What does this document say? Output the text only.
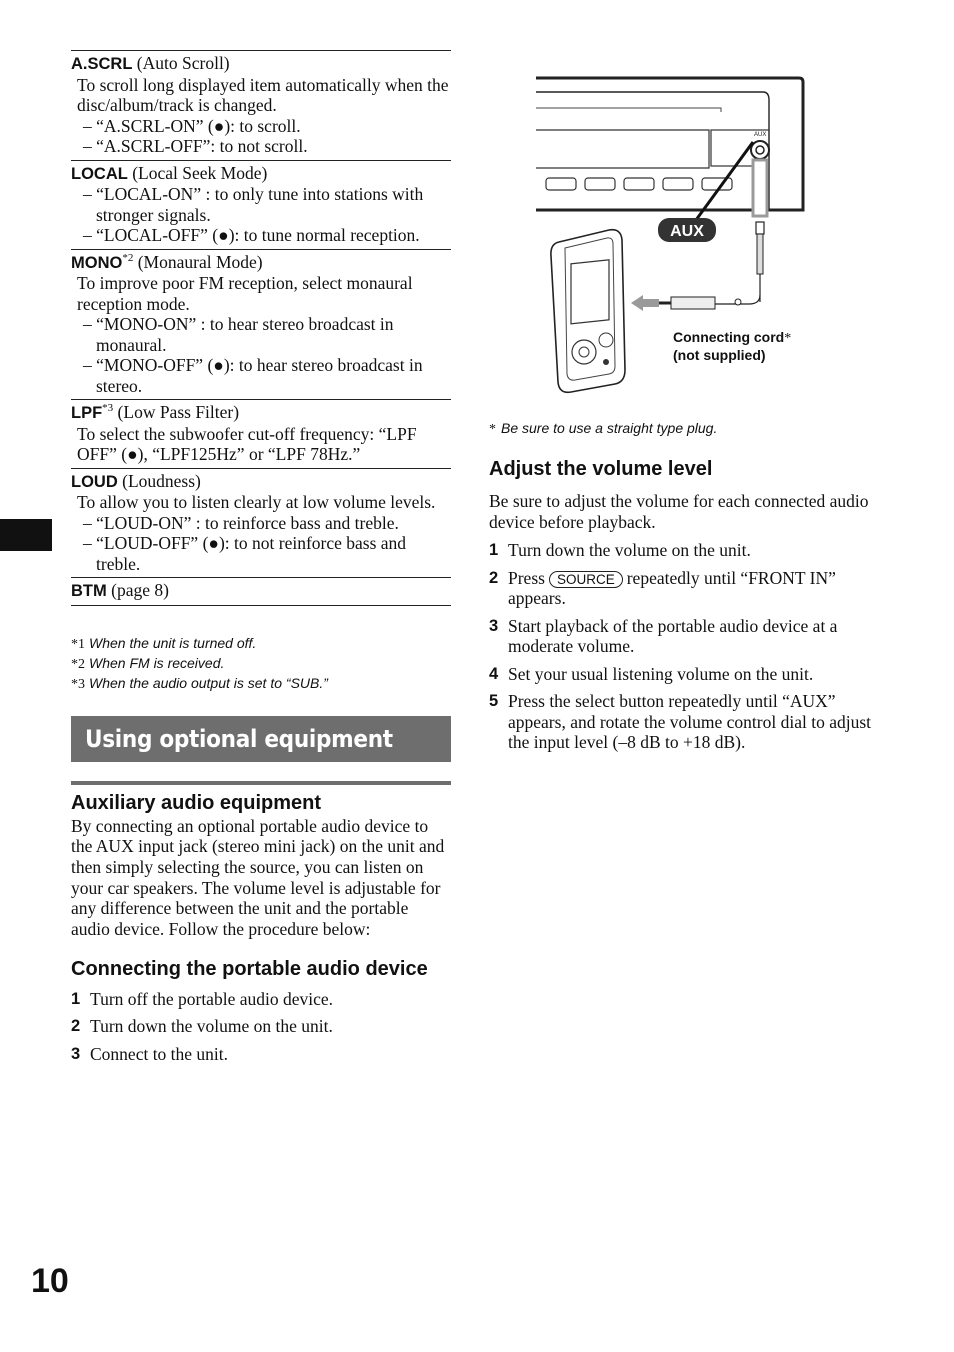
A.SCRL (Auto Scroll)
To scroll long displayed item automatically when the disc/album/track is changed.
– “A.SCRL-ON” (●): to scroll.
– “A.SCRL-OFF”: to not scroll.
LOCAL (Local Seek Mode)
– “LOCAL-ON” : to only tune into stations with stronger signals.
– “LOCAL-OFF” (●): to tune normal reception.
MONO$^{*2}$ (Monaural Mode)
To improve poor FM reception, select monaural reception mode.
– “MONO-ON” : to hear stereo broadcast in monaural.
– “MONO-OFF” (●): to hear stereo broadcast in stereo.
LPF$^{*3}$ (Low Pass Filter)
To select the subwoofer cut-off frequency: “LPF OFF” (●), “LPF125Hz” or “LPF 78Hz.”
LOUD (Loudness)
To allow you to listen clearly at low volume levels.
– “LOUD-ON” : to reinforce bass and treble.
– “LOUD-OFF” (●): to not reinforce bass and treble.
BTM (page 8)
*1 When the unit is turned off.
*2 When FM is received.
*3 When the audio output is set to “SUB.”
Using optional equipment
Auxiliary audio equipment

By connecting an optional portable audio device to the AUX input jack (stereo mini jack) on the unit and then simply selecting the source, you can listen on your car speakers. The volume level is adjustable for any difference between the unit and the portable audio device. Follow the procedure below:

Connecting the portable audio device
1 Turn off the portable audio device.
2 Turn down the volume on the unit.
3 Connect to the unit.
AUX
AUX
Connecting cord*
(not supplied)
* Be sure to use a straight type plug.
Adjust the volume level

Be sure to adjust the volume for each connected audio device before playback.

1 Turn down the volume on the unit.
2 Press SOURCE repeatedly until “FRONT IN” appears.
3 Start playback of the portable audio device at a moderate volume.
4 Set your usual listening volume on the unit.
5 Press the select button repeatedly until “AUX” appears, and rotate the volume control dial to adjust the input level (–8 dB to +18 dB).
10
